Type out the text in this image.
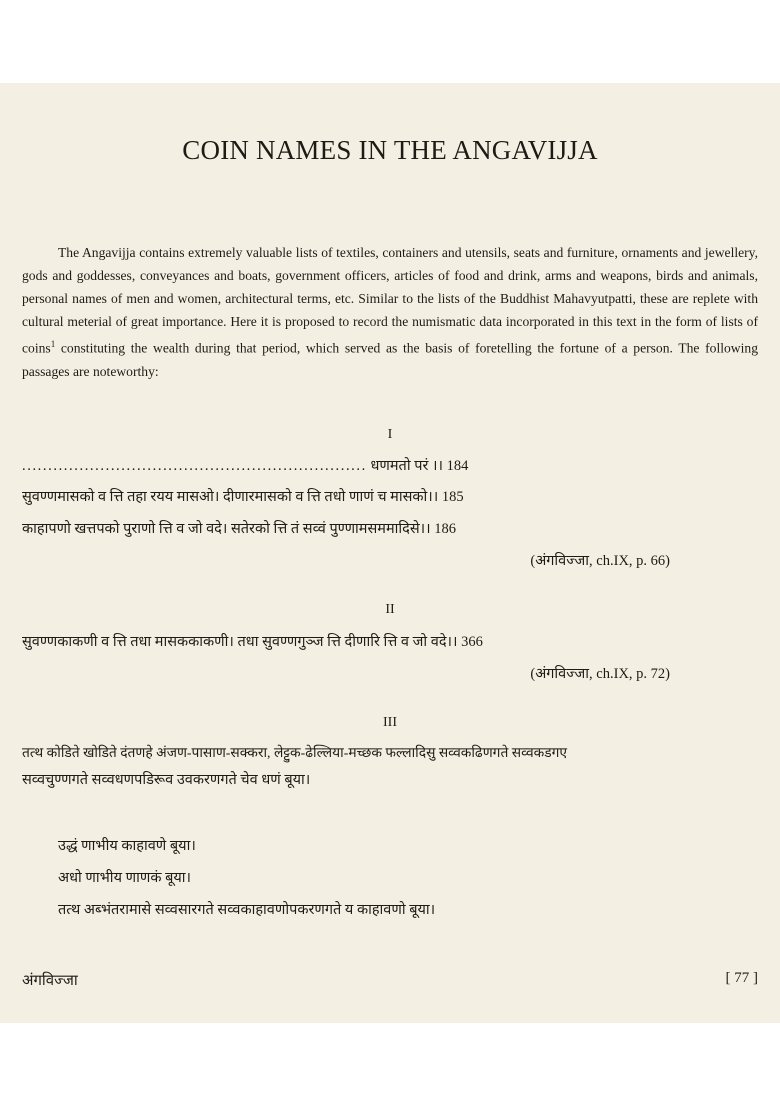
COIN NAMES IN THE ANGAVIJJA

The Angavijja contains extremely valuable lists of textiles, containers and utensils, seats and furniture, ornaments and jewellery, gods and goddesses, conveyances and boats, government officers, articles of food and drink, arms and weapons, birds and animals, personal names of men and women, architectural terms, etc. Similar to the lists of the Buddhist Mahavyutpatti, these are replete with cultural meterial of great importance. Here it is proposed to record the numismatic data incorporated in this text in the form of lists of coins$^1$ constituting the wealth during that period, which served as the basis of foretelling the fortune of a person. The following passages are noteworthy:

I
.................................................................. धणमतो परं ।। 184
सुवण्णमासको व त्ति तहा रयय मासओ। दीणारमासको व त्ति तधो णाणं च मासको।। 185
काहापणो खत्तपको पुराणो त्ति व जो वदे। सतेरको त्ति तं सव्वं पुण्णामसममादिसे।। 186
(अंगविज्जा, ch.IX, p. 66)
II
सुवण्णकाकणी व त्ति तधा मासककाकणी। तधा सुवण्णगुञ्ज त्ति दीणारि त्ति व जो वदे।। 366
(अंगविज्जा, ch.IX, p. 72)
III
तत्थ कोडिते खोडिते दंतणहे अंजण-पासाण-सक्करा, लेट्टुक-ढेल्लिया-मच्छक फल्लादिसु सव्वकढिणगते सव्वकडगए
सव्वचुण्णगते सव्वधणपडिरूव उवकरणगते चेव धणं बूया।
उद्धं णाभीय काहावणे बूया।
अधो णाभीय णाणकं बूया।
तत्थ अब्भंतरामासे सव्वसारगते सव्वकाहावणोपकरणगते य काहावणो बूया।
अंगविज्जा	[ 77 ]
